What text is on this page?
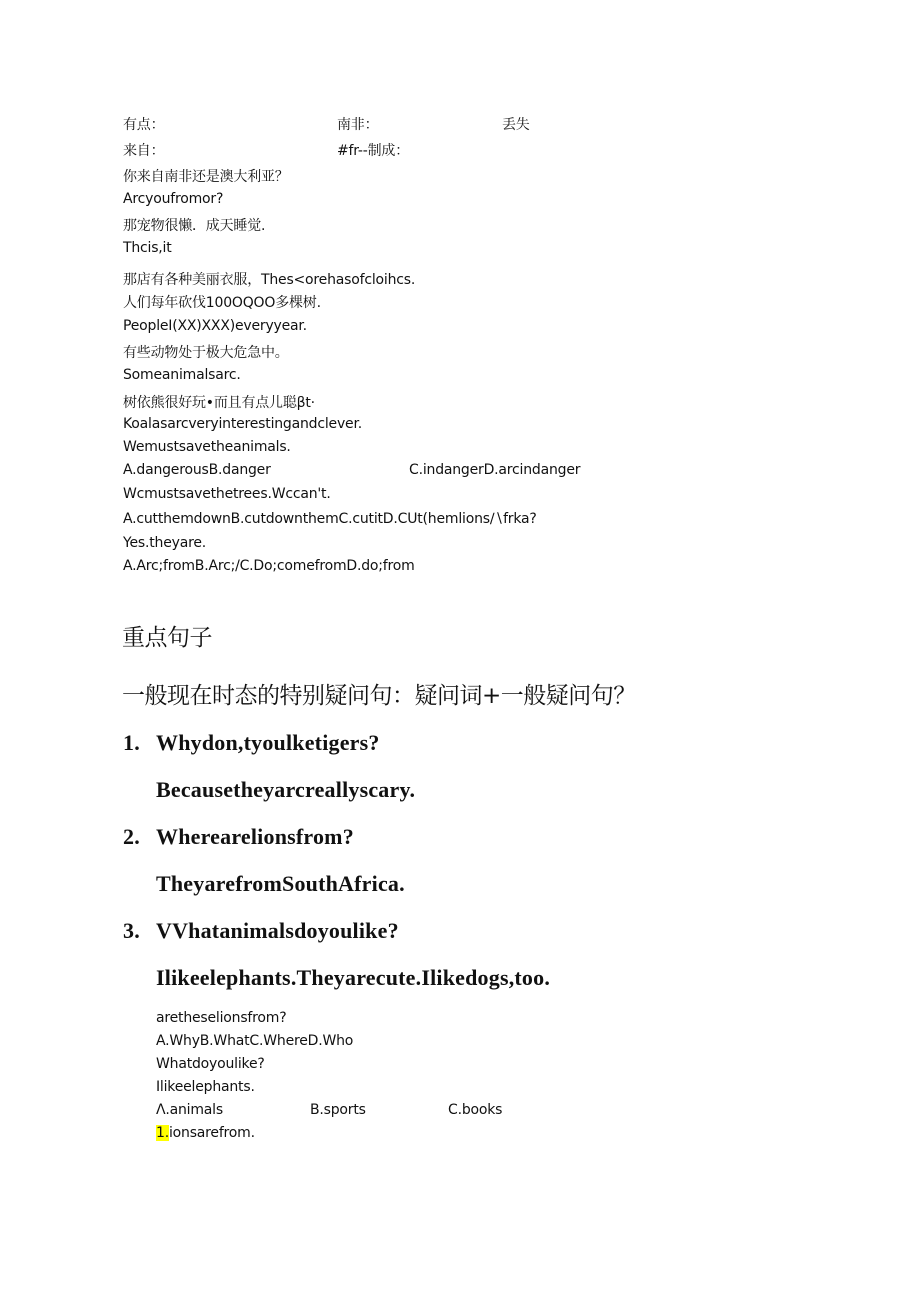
有点：	南非：	丢失
来自：	#fr--制成：
你来自南非还是澳大利亚？
Arcyoufromor?
那宠物很懒．成天睡觉.
Thcis,it
那店有各种美丽衣服，Thes<orehasofcloihcs.
人们每年砍伐100OQOO多棵树.
PeopleI(XX)XXX)everyyear.
有些动物处于极大危急中。
Someanimalsarc.
树依熊很好玩•而且有点儿聪βt·
Koalasarcveryinterestingandclever.
Wemustsavetheanimals.
A.dangerousB.danger	C.indangerD.arcindanger
Wcmustsavethetrees.Wccan't.
A.cutthemdownB.cutdownthemC.cutitD.CUt(hemlions∕∖frka?
Yes.theyare.
A.Arc;fromB.Arc;/C.Do;comefromD.do;from
重点句子
一般现在时态的特别疑问句：疑问词+一般疑问句？
1. Whydon,tyoulketigers?
Becausetheyarcreallyscary.
2. Wherearelionsfrom?
TheyarefromSouthAfrica.
3. VVhatanimalsdoyoulike?
Ilikeelephants.Theyarecute.Ilikedogs,too.
aretheselionsfrom?
A.WhyB.WhatC.WhereD.Who
Whatdoyoulike?
Ilikeelephants.
Λ.animals	B.sports	C.books
1.ionsarefrom.
